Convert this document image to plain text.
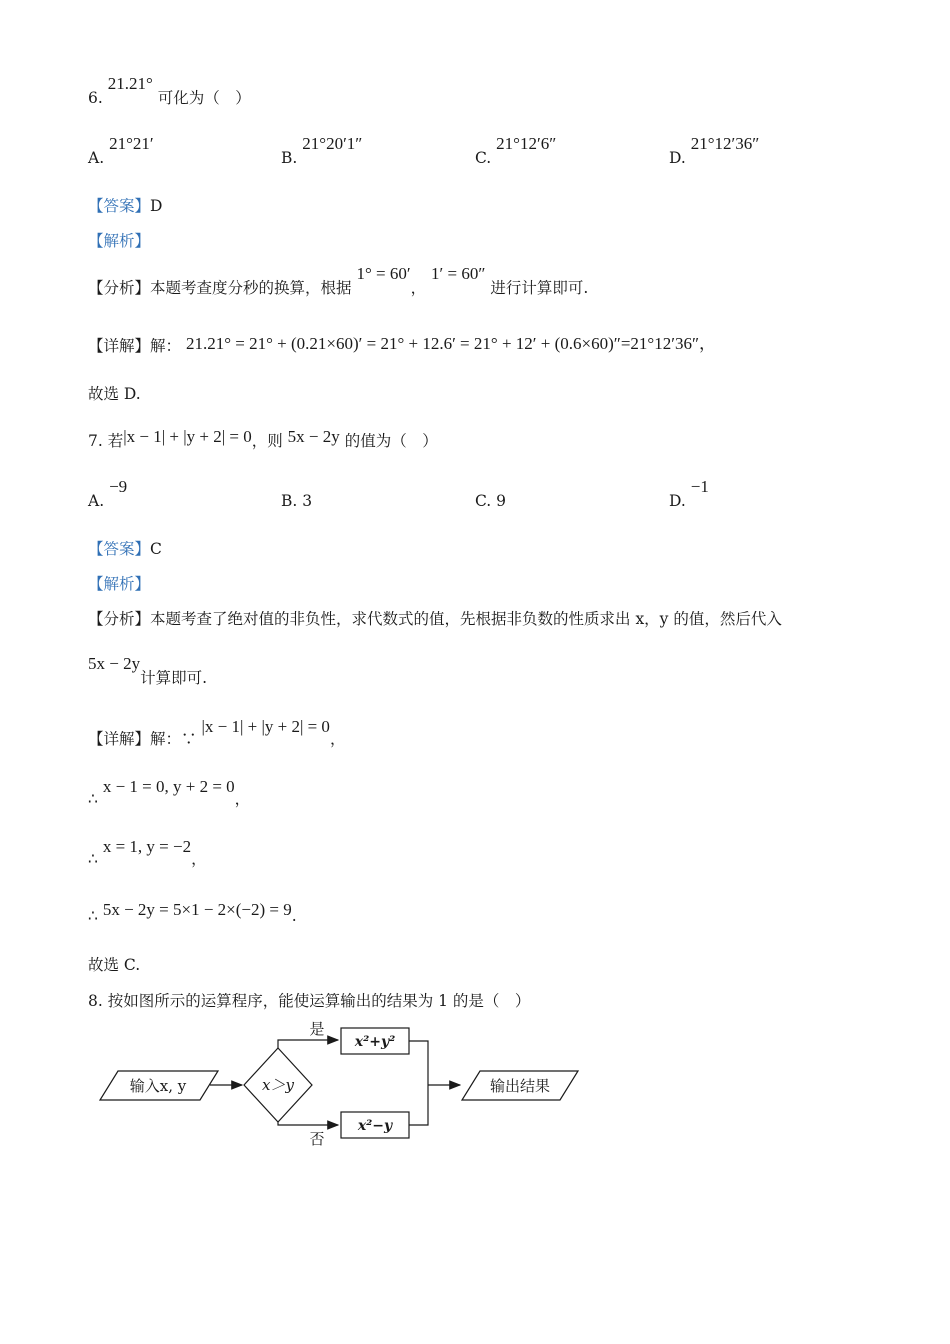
6. 21.21° 可化为（　）
A. 21°21′
B. 21°20′1″
C. 21°12′6″
D. 21°12′36″
【答案】D
【解析】
【分析】本题考查度分秒的换算，根据 1° = 60′， 1′ = 60″ 进行计算即可.
【详解】解： 21.21° = 21° + (0.21×60)′ = 21° + 12.6′ = 21° + 12′ + (0.6×60)″=21°12′36″，
故选 D.
7. 若|x − 1| + |y + 2| = 0，则 5x − 2y 的值为（　）
A. −9
B. 3	C. 9	D. −1
【答案】C
【解析】
【分析】本题考查了绝对值的非负性，求代数式的值，先根据非负数的性质求出 x，y 的值，然后代入
5x − 2y计算即可.
【详解】解：∵ |x − 1| + |y + 2| = 0，
∴ x − 1 = 0, y + 2 = 0，
∴ x = 1, y = −2，
∴ 5x − 2y = 5×1 − 2×(−2) = 9.
故选 C.
8. 按如图所示的运算程序，能使运算输出的结果为 1 的是（　）
输入x, y	x＞y
是
x²+y²
否
x²−y
输出结果
